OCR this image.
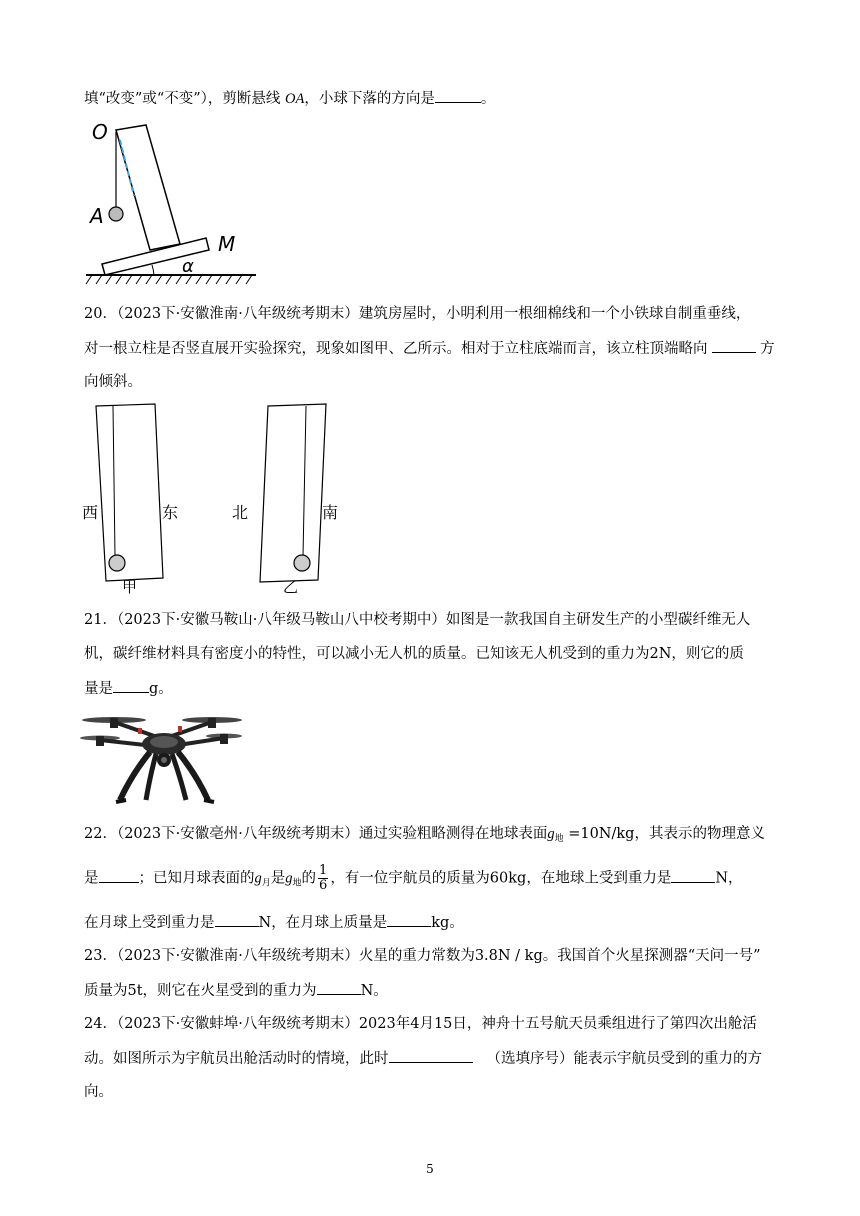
填“改变”或“不变”），剪断悬线 OA，小球下落的方向是	。
O
A
M
α
20．（2023下·安徽淮南·八年级统考期末）建筑房屋时，小明利用一根细棉线和一个小铁球自制重垂线，
对一根立柱是否竖直展开实验探究，现象如图甲、乙所示。相对于立柱底端而言，该立柱顶端略向	方
向倾斜。
西	东	北	南
甲	乙
21．（2023下·安徽马鞍山·八年级马鞍山八中校考期中）如图是一款我国自主研发生产的小型碳纤维无人
机，碳纤维材料具有密度小的特性，可以减小无人机的质量。已知该无人机受到的重力为2N，则它的质
量是 g。
22．（2023下·安徽亳州·八年级统考期末）通过实验粗略测得在地球表面$g_地 =10N/kg$，其表示的物理意义
是	；已知月球表面的$g_月$是$g_地$的 $\frac{1}{6}$ ，有一位宇航员的质量为60kg，在地球上受到重力是	N，
在月球上受到重力是	N，在月球上质量是	kg。
23．（2023下·安徽淮南·八年级统考期末）火星的重力常数为3.8N / kg。我国首个火星探测器“天问一号”
质量为5t，则它在火星受到的重力为	N。
24．（2023下·安徽蚌埠·八年级统考期末）2023年4月15日，神舟十五号航天员乘组进行了第四次出舱活
动。如图所示为宇航员出舱活动时的情境，此时	（选填序号）能表示宇航员受到的重力的方
向。
5
